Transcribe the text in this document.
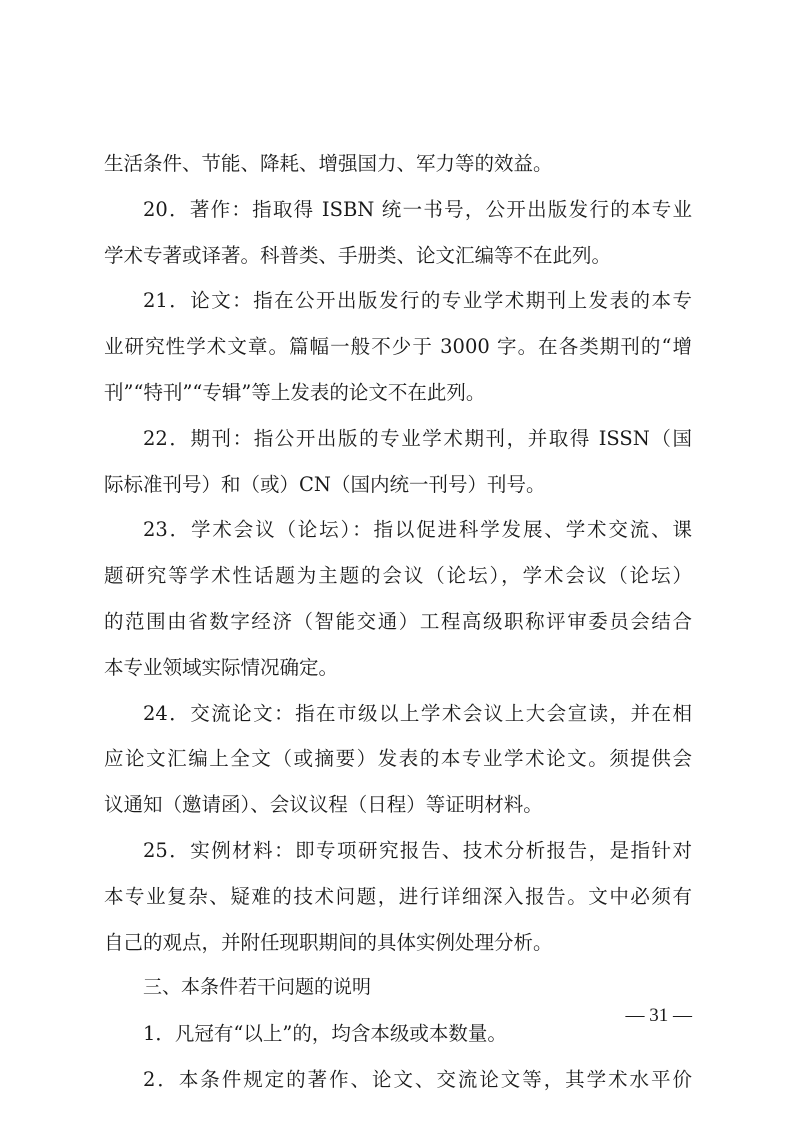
生活条件、节能、降耗、增强国力、军力等的效益。
20．著作：指取得 ISBN 统一书号，公开出版发行的本专业
学术专著或译著。科普类、手册类、论文汇编等不在此列。
21．论文：指在公开出版发行的专业学术期刊上发表的本专
业研究性学术文章。篇幅一般不少于 3000 字。在各类期刊的“增
刊”“特刊”“专辑”等上发表的论文不在此列。
22．期刊：指公开出版的专业学术期刊，并取得 ISSN（国
际标准刊号）和（或）CN（国内统一刊号）刊号。
23．学术会议（论坛）：指以促进科学发展、学术交流、课
题研究等学术性话题为主题的会议（论坛），学术会议（论坛）
的范围由省数字经济（智能交通）工程高级职称评审委员会结合
本专业领域实际情况确定。
24．交流论文：指在市级以上学术会议上大会宣读，并在相
应论文汇编上全文（或摘要）发表的本专业学术论文。须提供会
议通知（邀请函）、会议议程（日程）等证明材料。
25．实例材料：即专项研究报告、技术分析报告，是指针对
本专业复杂、疑难的技术问题，进行详细深入报告。文中必须有
自己的观点，并附任现职期间的具体实例处理分析。
三、本条件若干问题的说明
1．凡冠有“以上”的，均含本级或本数量。
2．本条件规定的著作、论文、交流论文等，其学术水平价
— 31 —
